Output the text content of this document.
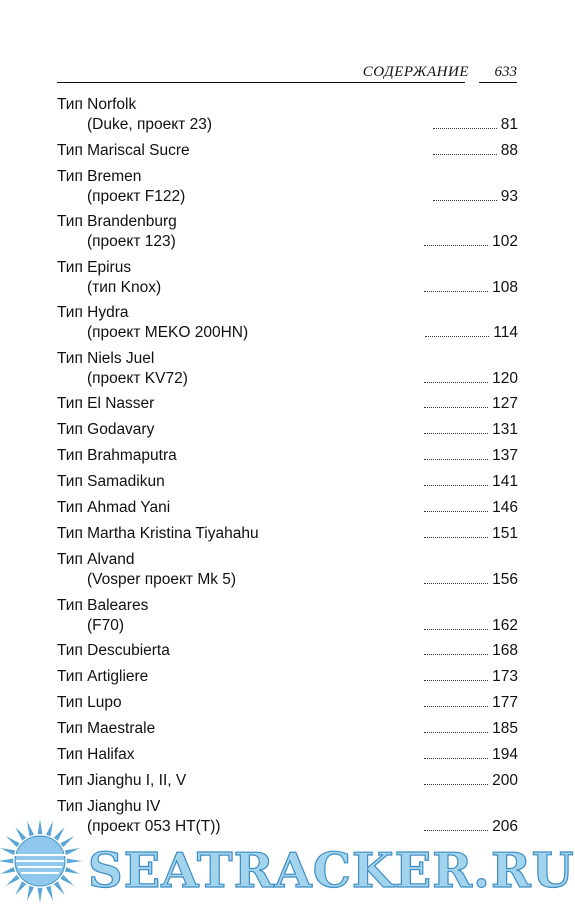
СОДЕРЖАНИЕ 633
Тип Norfolk
(Duke, проект 23)	81
Тип Mariscal Sucre	88
Тип Bremen
(проект F122)	93
Тип Brandenburg
(проект 123)	102
Тип Epirus
(тип Knox)	108
Тип Hydra
(проект MEKO 200HN)	114
Тип Niels Juel
(проект KV72)	120
Тип El Nasser	127
Тип Godavary	131
Тип Brahmaputra	137
Тип Samadikun	141
Тип Ahmad Yani	146
Тип Martha Kristina Tiyahahu	151
Тип Alvand
(Vosper проект Mk 5)	156
Тип Baleares
(F70)	162
Тип Descubierta	168
Тип Artigliere	173
Тип Lupo	177
Тип Maestrale	185
Тип Halifax	194
Тип Jianghu I, II, V	200
Тип Jianghu IV
(проект 053 HT(T))	206
SEATRACKER.RU
